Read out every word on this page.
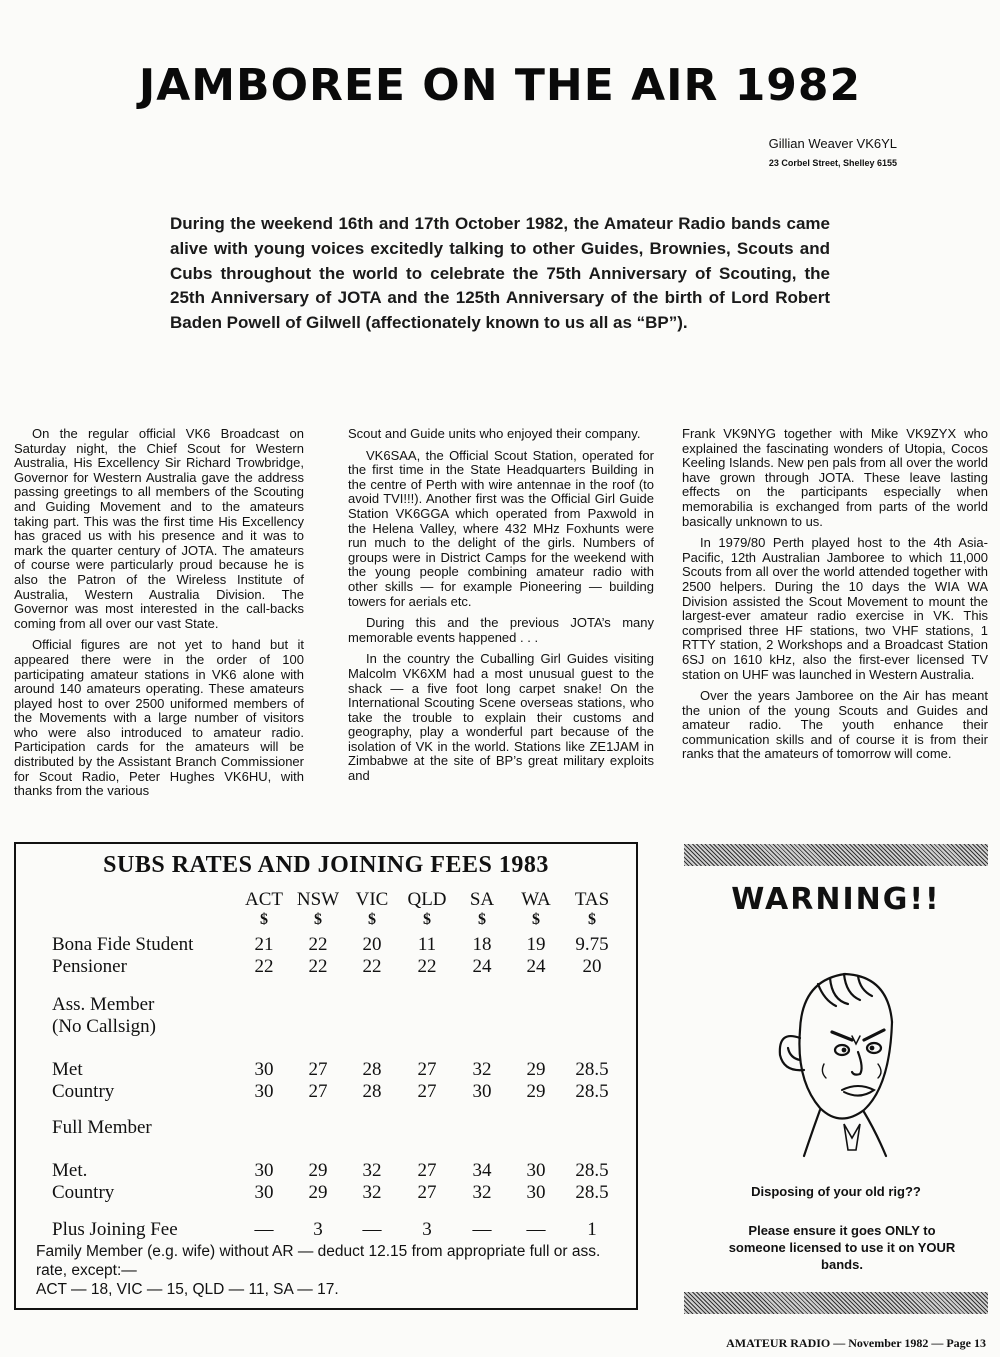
JAMBOREE ON THE AIR 1982
Gillian Weaver VK6YL
23 Corbel Street, Shelley 6155
During the weekend 16th and 17th October 1982, the Amateur Radio bands came alive with young voices excitedly talking to other Guides, Brownies, Scouts and Cubs throughout the world to celebrate the 75th Anniversary of Scouting, the 25th Anniversary of JOTA and the 125th Anniversary of the birth of Lord Robert Baden Powell of Gilwell (affectionately known to us all as “BP”).

On the regular official VK6 Broadcast on Saturday night, the Chief Scout for Western Australia, His Excellency Sir Richard Trowbridge, Governor for Western Australia gave the address passing greetings to all members of the Scouting and Guiding Movement and to the amateurs taking part. This was the first time His Excellency has graced us with his presence and it was to mark the quarter century of JOTA. The amateurs of course were particularly proud because he is also the Patron of the Wireless Institute of Australia, Western Australia Division. The Governor was most interested in the call-backs coming from all over our vast State.

Official figures are not yet to hand but it appeared there were in the order of 100 participating amateur stations in VK6 alone with around 140 amateurs operating. These amateurs played host to over 2500 uniformed members of the Movements with a large number of visitors who were also introduced to amateur radio. Participation cards for the amateurs will be distributed by the Assistant Branch Commissioner for Scout Radio, Peter Hughes VK6HU, with thanks from the various

Scout and Guide units who enjoyed their company.

VK6SAA, the Official Scout Station, operated for the first time in the State Headquarters Building in the centre of Perth with wire antennae in the roof (to avoid TVI!!!). Another first was the Official Girl Guide Station VK6GGA which operated from Paxwold in the Helena Valley, where 432 MHz Foxhunts were run much to the delight of the girls. Numbers of groups were in District Camps for the weekend with the young people combining amateur radio with other skills — for example Pioneering — building towers for aerials etc.

During this and the previous JOTA’s many memorable events happened . . .

In the country the Cuballing Girl Guides visiting Malcolm VK6XM had a most unusual guest to the shack — a five foot long carpet snake! On the International Scouting Scene overseas stations, who take the trouble to explain their customs and geography, play a wonderful part because of the isolation of VK in the world. Stations like ZE1JAM in Zimbabwe at the site of BP’s great military exploits and

Frank VK9NYG together with Mike VK9ZYX who explained the fascinating wonders of Utopia, Cocos Keeling Islands. New pen pals from all over the world have grown through JOTA. These leave lasting effects on the participants especially when memorabilia is exchanged from parts of the world basically unknown to us.

In 1979/80 Perth played host to the 4th Asia-Pacific, 12th Australian Jamboree to which 11,000 Scouts from all over the world attended together with 2500 helpers. During the 10 days the WIA WA Division assisted the Scout Movement to mount the largest-ever amateur radio exercise in VK. This comprised three HF stations, two VHF stations, 1 RTTY station, 2 Workshops and a Broadcast Station 6SJ on 1610 kHz, also the first-ever licensed TV station on UHF was launched in Western Australia.

Over the years Jamboree on the Air has meant the union of the young Scouts and Guides and amateur radio. The youth enhance their communication skills and of course it is from their ranks that the amateurs of tomorrow will come.

SUBS RATES AND JOINING FEES 1983
ACT NSW VIC	QLD	SA	WA	TAS
$	$	$	$	$	$	$
Bona Fide Student	21	22	20	11	18	19	9.75
Pensioner	22	22	22	22	24	24	20
Ass. Member
(No Callsign)
Met	30	27	28	27	32	29	28.5
Country	30	27	28	27	30	29	28.5
Full Member
Met.	30	29	32	27	34	30	28.5
Country	30	29	32	27	32	30	28.5
Plus Joining Fee	—	3	—	3	—	—	1
Family Member (e.g. wife) without AR — deduct 12.15 from appropriate full or ass. rate, except:—
ACT — 18, VIC — 15, QLD — 11, SA — 17.
WARNING!!
Disposing of your old rig??
Please ensure it goes ONLY to someone licensed to use it on YOUR bands.
AMATEUR RADIO — November 1982 — Page 13
